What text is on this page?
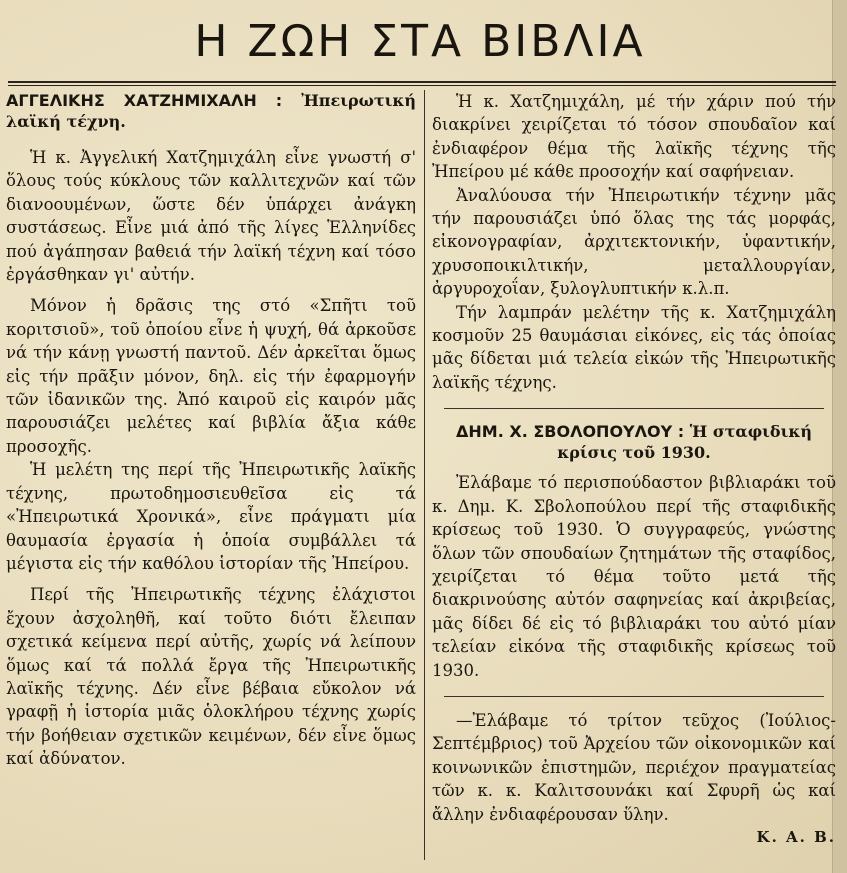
Η ΖΩΗ ΣΤΑ ΒΙΒΛΙΑ

ΑΓΓΕΛΙΚΗΣ ΧΑΤΖΗΜΙΧΑΛΗ : Ἠπειρωτική λαϊκή τέχνη.

Ἡ κ. Ἀγγελική Χατζημιχάλη εἶνε γνωστή σ' ὅλους τούς κύκλους τῶν καλλιτεχνῶν καί τῶν διανοουμένων, ὥστε δέν ὑπάρχει ἀνάγκη συστάσεως. Εἶνε μιά ἀπό τῆς λίγες Ἑλληνίδες πού ἀγάπησαν βαθειά τήν λαϊκή τέχνη καί τόσο ἐργάσθηκαν γι' αὐτήν.

Μόνον ἡ δρᾶσις της στό «Σπῆτι τοῦ κοριτσιοῦ», τοῦ ὁποίου εἶνε ἡ ψυχή, θά ἀρκοῦσε νά τήν κάνῃ γνωστή παντοῦ. Δέν ἀρκεῖται ὅμως εἰς τήν πρᾶξιν μόνον, δηλ. εἰς τήν ἐφαρμογήν τῶν ἰδανικῶν της. Ἀπό καιροῦ εἰς καιρόν μᾶς παρουσιάζει μελέτες καί βιβλία ἄξια κάθε προσοχῆς.

Ἡ μελέτη της περί τῆς Ἠπειρωτικῆς λαϊκῆς τέχνης, πρωτοδημοσιευθεῖσα εἰς τά «Ἠπειρωτικά Χρονικά», εἶνε πράγματι μία θαυμασία ἐργασία ἡ ὁποία συμβάλλει τά μέγιστα εἰς τήν καθόλου ἱστορίαν τῆς Ἠπείρου.

Περί τῆς Ἠπειρωτικῆς τέχνης ἐλάχιστοι ἔχουν ἀσχοληθῆ, καί τοῦτο διότι ἔλειπαν σχετικά κείμενα περί αὐτῆς, χωρίς νά λείπουν ὅμως καί τά πολλά ἔργα τῆς Ἠπειρωτικῆς λαϊκῆς τέχνης. Δέν εἶνε βέβαια εὔκολον νά γραφῇ ἡ ἱστορία μιᾶς ὁλοκλήρου τέχνης χωρίς τήν βοήθειαν σχετικῶν κειμένων, δέν εἶνε ὅμως καί ἀδύνατον.

Ἡ κ. Χατζημιχάλη, μέ τήν χάριν πού τήν διακρίνει χειρίζεται τό τόσον σπουδαῖον καί ἐνδιαφέρον θέμα τῆς λαϊκῆς τέχνης τῆς Ἠπείρου μέ κάθε προσοχήν καί σαφήνειαν.

Ἀναλύουσα τήν Ἠπειρωτικήν τέχνην μᾶς τήν παρουσιάζει ὑπό ὅλας της τάς μορφάς, εἰκονογραφίαν, ἀρχιτεκτονικήν, ὑφαντικήν, χρυσοποικιλτικήν, μεταλλουργίαν, ἀργυροχοΐαν, ξυλογλυπτικήν κ.λ.π.

Τήν λαμπράν μελέτην τῆς κ. Χατζημιχάλη κοσμοῦν 25 θαυμάσιαι εἰκόνες, εἰς τάς ὁποίας μᾶς δίδεται μιά τελεία εἰκών τῆς Ἠπειρωτικῆς λαϊκῆς τέχνης.

ΔΗΜ. Χ. ΣΒΟΛΟΠΟΥΛΟΥ : Ἡ σταφιδική κρίσις τοῦ 1930.

Ἐλάβαμε τό περισπούδαστον βιβλιαράκι τοῦ κ. Δημ. Κ. Σβολοπούλου περί τῆς σταφιδικῆς κρίσεως τοῦ 1930. Ὁ συγγραφεύς, γνώστης ὅλων τῶν σπουδαίων ζητημάτων τῆς σταφίδος, χειρίζεται τό θέμα τοῦτο μετά τῆς διακρινούσης αὐτόν σαφηνείας καί ἀκριβείας, μᾶς δίδει δέ εἰς τό βιβλιαράκι του αὐτό μίαν τελείαν εἰκόνα τῆς σταφιδικῆς κρίσεως τοῦ 1930.

—Ἐλάβαμε τό τρίτον τεῦχος (Ἰούλιος-Σεπτέμβριος) τοῦ Ἀρχείου τῶν οἰκονομικῶν καί κοινωνικῶν ἐπιστημῶν, περιέχον πραγματείας τῶν κ. κ. Καλιτσουνάκι καί Σφυρῆ ὡς καί ἄλλην ἐνδιαφέρουσαν ὕλην.

Κ. Α. Β.
